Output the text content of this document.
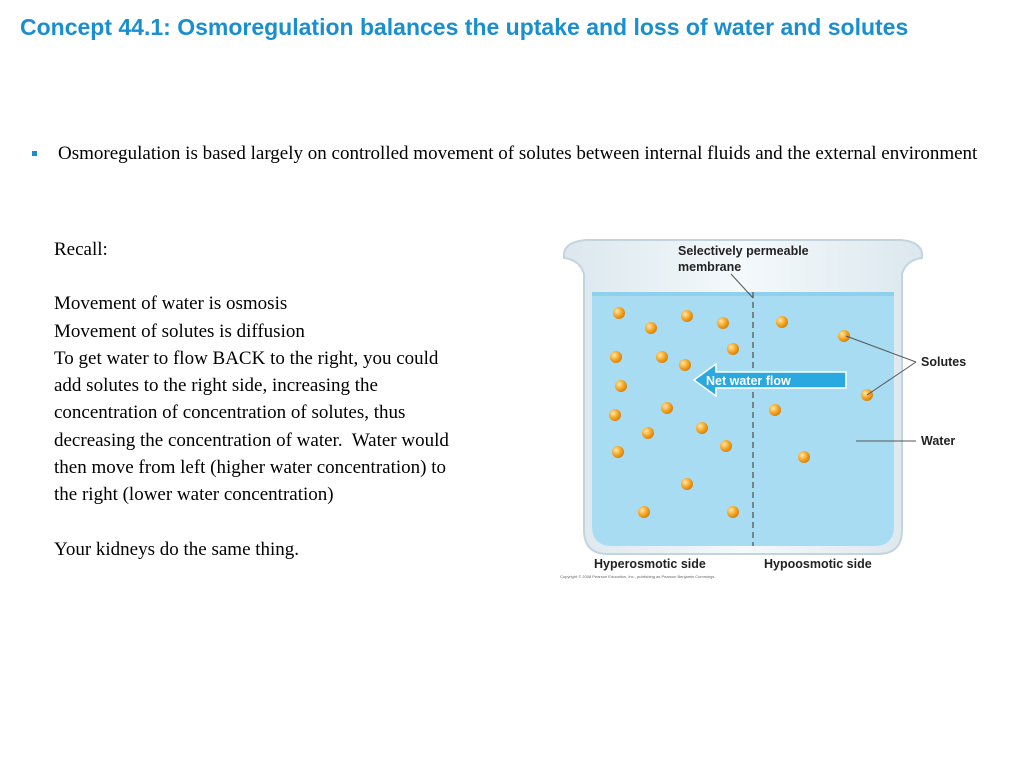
Concept 44.1: Osmoregulation balances the uptake and loss of water and solutes
Osmoregulation is based largely on controlled movement of solutes between internal fluids and the external environment
Recall:
Movement of water is osmosis
Movement of solutes is diffusion
To get water to flow BACK to the right, you could add solutes to the right side, increasing the concentration of concentration of solutes, thus decreasing the concentration of water.  Water would then move from left (higher water concentration) to the right (lower water concentration)
Your kidneys do the same thing.
Selectively permeable
membrane
Net water flow
Solutes
Water
Hyperosmotic side	Hypoosmotic side
Copyright © 2008 Pearson Education, Inc., publishing as Pearson Benjamin Cummings.
